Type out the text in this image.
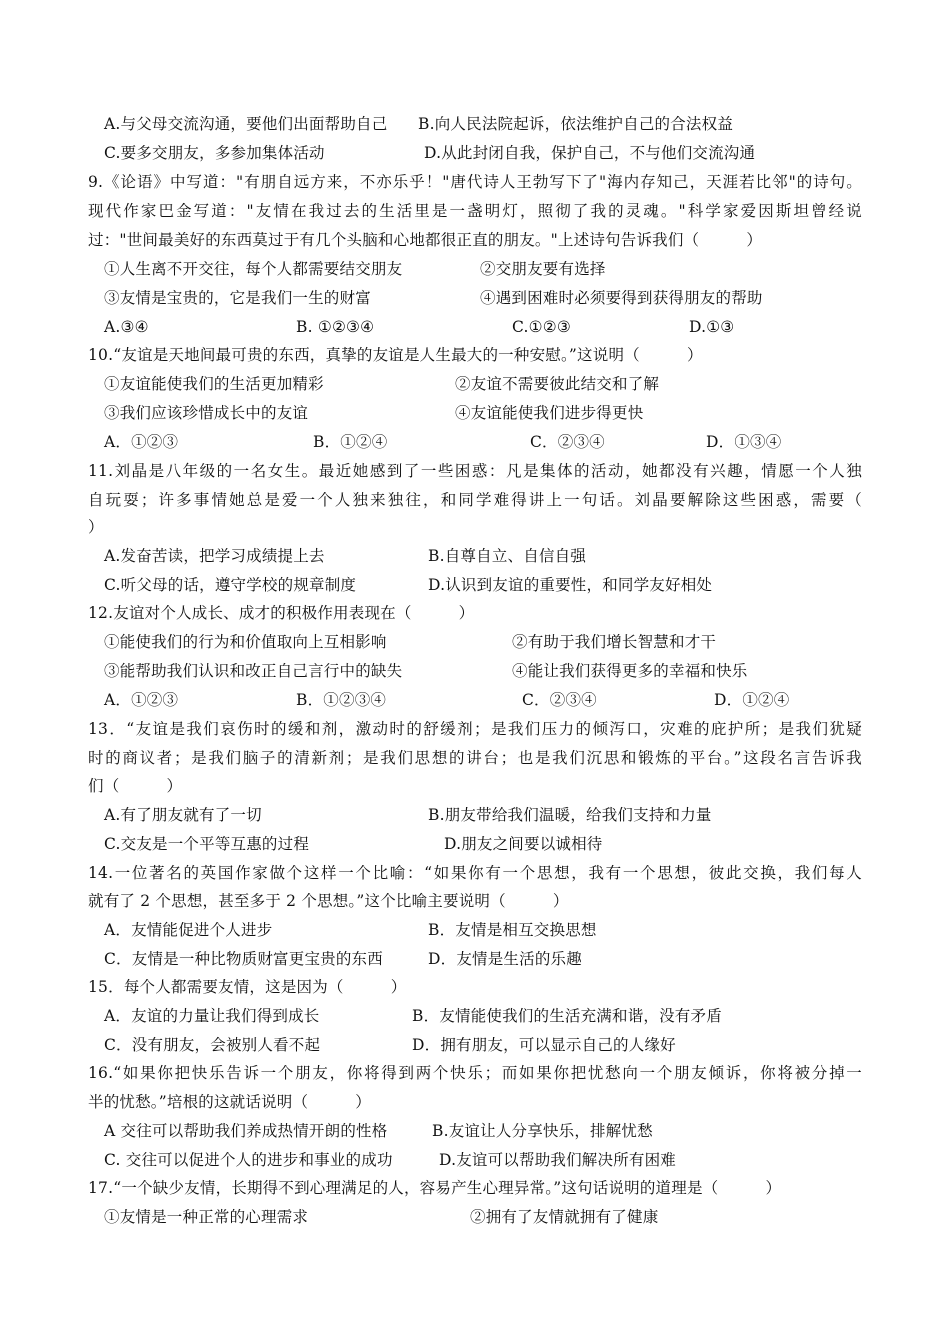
A.与父母交流沟通，要他们出面帮助自己 B.向人民法院起诉，依法维护自己的合法权益
C.要多交朋友，多参加集体活动	D.从此封闭自我，保护自己，不与他们交流沟通
9.《论语》中写道："有朋自远方来，不亦乐乎！"唐代诗人王勃写下了"海内存知己，天涯若比邻"的诗句。
现代作家巴金写道："友情在我过去的生活里是一盏明灯，照彻了我的灵魂。"科学家爱因斯坦曾经说
过："世间最美好的东西莫过于有几个头脑和心地都很正直的朋友。"上述诗句告诉我们（　　　）
①人生离不开交往，每个人都需要结交朋友	②交朋友要有选择
③友情是宝贵的，它是我们一生的财富	④遇到困难时必须要得到获得朋友的帮助
A.③④	B. ①②③④	C.①②③	D.①③
10.“友谊是天地间最可贵的东西，真挚的友谊是人生最大的一种安慰。”这说明（　　　）
①友谊能使我们的生活更加精彩	②友谊不需要彼此结交和了解
③我们应该珍惜成长中的友谊	④友谊能使我们进步得更快
A．①②③	B．①②④	C．②③④	D．①③④
11.刘晶是八年级的一名女生。最近她感到了一些困惑：凡是集体的活动，她都没有兴趣，情愿一个人独
自玩耍；许多事情她总是爱一个人独来独往，和同学难得讲上一句话。刘晶要解除这些困惑，需要（
）
A.发奋苦读，把学习成绩提上去	B.自尊自立、自信自强
C.听父母的话，遵守学校的规章制度	D.认识到友谊的重要性，和同学友好相处
12.友谊对个人成长、成才的积极作用表现在（　　　）
①能使我们的行为和价值取向上互相影响	②有助于我们增长智慧和才干
③能帮助我们认识和改正自己言行中的缺失	④能让我们获得更多的幸福和快乐
A．①②③	B．①②③④	C．②③④	D．①②④
13．“友谊是我们哀伤时的缓和剂，激动时的舒缓剂；是我们压力的倾泻口，灾难的庇护所；是我们犹疑
时的商议者；是我们脑子的清新剂；是我们思想的讲台；也是我们沉思和锻炼的平台。”这段名言告诉我
们（　　　）
A.有了朋友就有了一切	B.朋友带给我们温暖，给我们支持和力量
C.交友是一个平等互惠的过程	D.朋友之间要以诚相待
14.一位著名的英国作家做个这样一个比喻：“如果你有一个思想，我有一个思想，彼此交换，我们每人
就有了 2 个思想，甚至多于 2 个思想。”这个比喻主要说明（　　　）
A．友情能促进个人进步	B．友情是相互交换思想
C．友情是一种比物质财富更宝贵的东西	D．友情是生活的乐趣
15．每个人都需要友情，这是因为（　　　）
A．友谊的力量让我们得到成长	B．友情能使我们的生活充满和谐，没有矛盾
C．没有朋友，会被别人看不起	D．拥有朋友，可以显示自己的人缘好
16.“如果你把快乐告诉一个朋友，你将得到两个快乐；而如果你把忧愁向一个朋友倾诉，你将被分掉一
半的忧愁。”培根的这就话说明（　　　）
A 交往可以帮助我们养成热情开朗的性格	B.友谊让人分享快乐，排解忧愁
C. 交往可以促进个人的进步和事业的成功	D.友谊可以帮助我们解决所有困难
17.“一个缺少友情，长期得不到心理满足的人，容易产生心理异常。”这句话说明的道理是（　　　）
①友情是一种正常的心理需求	②拥有了友情就拥有了健康
